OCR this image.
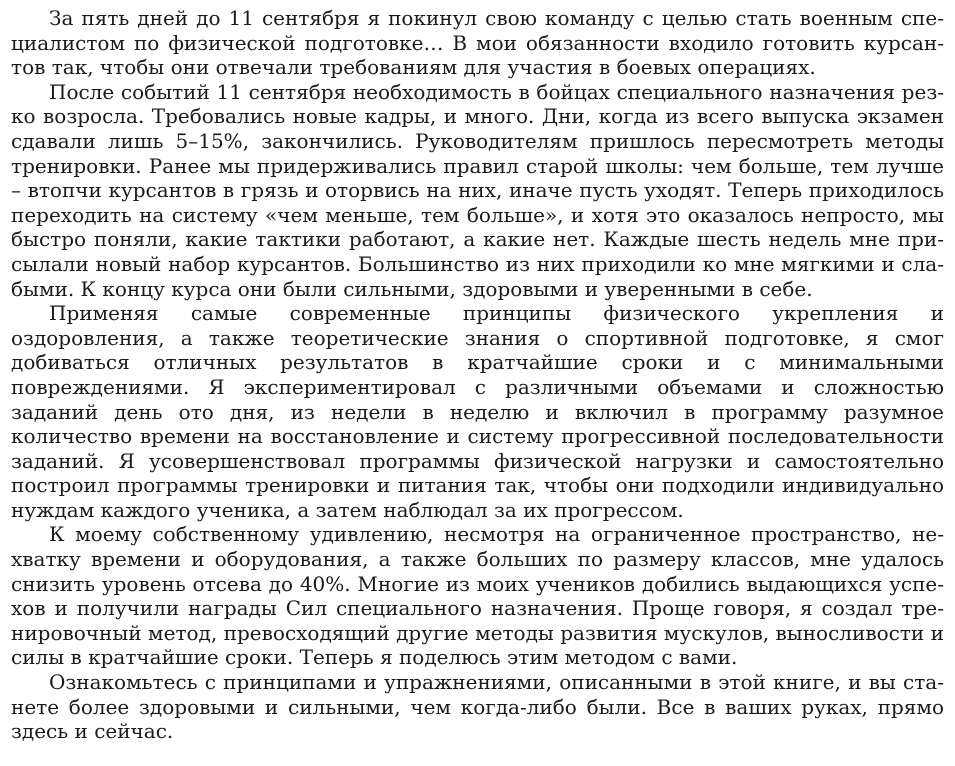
За пять дней до 11 сентября я покинул свою команду с целью стать военным специалистом по физической подготовке… В мои обязанности входило готовить курсантов так, чтобы они отвечали требованиям для участия в боевых операциях.

После событий 11 сентября необходимость в бойцах специального назначения резко возросла. Требовались новые кадры, и много. Дни, когда из всего выпуска экзамен сдавали лишь 5–15%, закончились. Руководителям пришлось пересмотреть методы тренировки. Ранее мы придерживались правил старой школы: чем больше, тем лучше – втопчи курсантов в грязь и оторвись на них, иначе пусть уходят. Теперь приходилось переходить на систему «чем меньше, тем больше», и хотя это оказалось непросто, мы быстро поняли, какие тактики работают, а какие нет. Каждые шесть недель мне присылали новый набор курсантов. Большинство из них приходили ко мне мягкими и слабыми. К концу курса они были сильными, здоровыми и уверенными в себе.

Применяя самые современные принципы физического укрепления и оздоровления, а также теоретические знания о спортивной подготовке, я смог добиваться отличных результатов в кратчайшие сроки и с минимальными повреждениями. Я экспериментировал с различными объемами и сложностью заданий день ото дня, из недели в неделю и включил в программу разумное количество времени на восстановление и систему прогрессивной последовательности заданий. Я усовершенствовал программы физической нагрузки и самостоятельно построил программы тренировки и питания так, чтобы они подходили индивидуально нуждам каждого ученика, а затем наблюдал за их прогрессом.

К моему собственному удивлению, несмотря на ограниченное пространство, нехватку времени и оборудования, а также больших по размеру классов, мне удалось снизить уровень отсева до 40%. Многие из моих учеников добились выдающихся успехов и получили награды Сил специального назначения. Проще говоря, я создал тренировочный метод, превосходящий другие методы развития мускулов, выносливости и силы в кратчайшие сроки. Теперь я поделюсь этим методом с вами.

Ознакомьтесь с принципами и упражнениями, описанными в этой книге, и вы станете более здоровыми и сильными, чем когда-либо были. Все в ваших руках, прямо здесь и сейчас.
